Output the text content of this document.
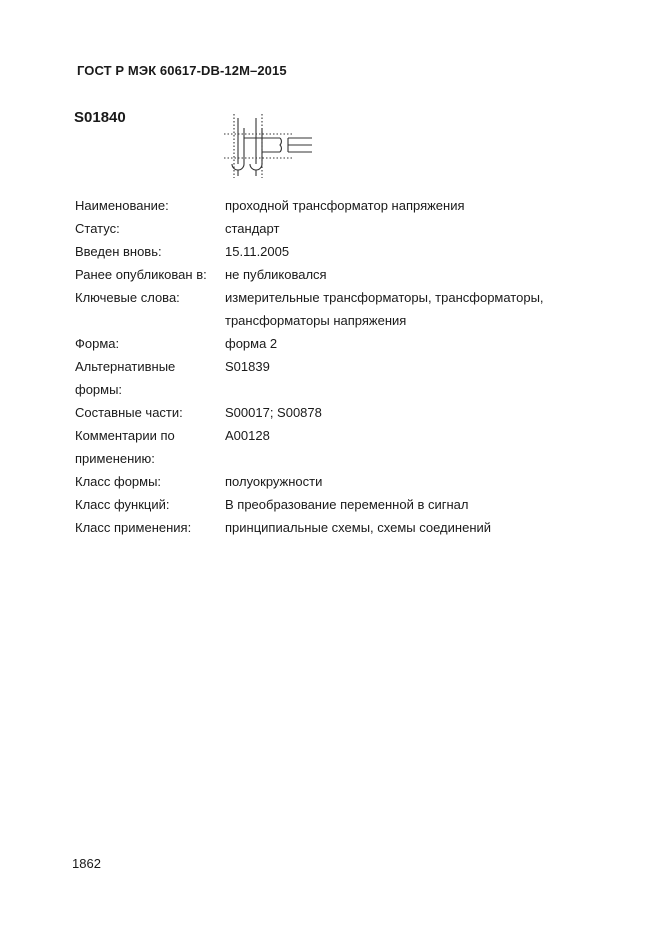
ГОСТ Р МЭК 60617-DB-12M–2015
S01840
Наименование:	проходной трансформатор напряжения
Статус:	стандарт
Введен вновь:	15.11.2005
Ранее опубликован в:	не публиковался
Ключевые слова:	измерительные трансформаторы, трансформаторы,
трансформаторы напряжения
Форма:	форма 2
Альтернативные формы:
S01839
Составные части:	S00017; S00878
Комментарии по применению:
A00128
Класс формы:	полуокружности
Класс функций:	В преобразование переменной в сигнал
Класс применения:	принципиальные схемы, схемы соединений
1862
